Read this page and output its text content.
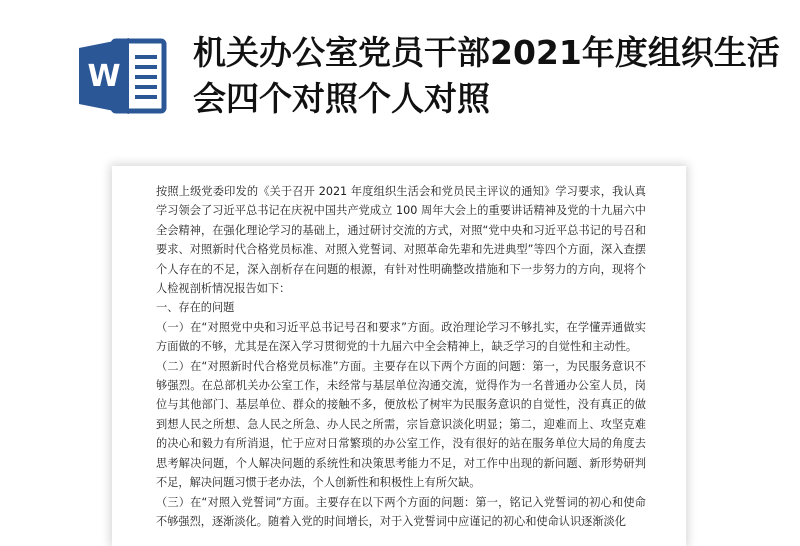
W
机关办公室党员干部2021年度组织生活会四个对照个人对照

按照上级党委印发的《关于召开 2021 年度组织生活会和党员民主评议的通知》学习要求，我认真学习领会了习近平总书记在庆祝中国共产党成立 100 周年大会上的重要讲话精神及党的十九届六中全会精神，在强化理论学习的基础上，通过研讨交流的方式，对照“党中央和习近平总书记的号召和要求、对照新时代合格党员标准、对照入党誓词、对照革命先辈和先进典型”等四个方面，深入查摆个人存在的不足，深入剖析存在问题的根源，有针对性明确整改措施和下一步努力的方向，现将个人检视剖析情况报告如下：

一、存在的问题

（一）在“对照党中央和习近平总书记号召和要求”方面。政治理论学习不够扎实，在学懂弄通做实方面做的不够，尤其是在深入学习贯彻党的十九届六中全会精神上，缺乏学习的自觉性和主动性。

（二）在“对照新时代合格党员标准”方面。主要存在以下两个方面的问题：第一，为民服务意识不够强烈。在总部机关办公室工作，未经常与基层单位沟通交流，觉得作为一名普通办公室人员，岗位与其他部门、基层单位、群众的接触不多，便放松了树牢为民服务意识的自觉性，没有真正的做到想人民之所想、急人民之所急、办人民之所需，宗旨意识淡化明显；第二，迎难而上、攻坚克难的决心和毅力有所消退，忙于应对日常繁琐的办公室工作，没有很好的站在服务单位大局的角度去思考解决问题，个人解决问题的系统性和决策思考能力不足，对工作中出现的新问题、新形势研判不足，解决问题习惯于老办法，个人创新性和积极性上有所欠缺。

（三）在“对照入党誓词”方面。主要存在以下两个方面的问题：第一，铭记入党誓词的初心和使命不够强烈，逐渐淡化。随着入党的时间增长，对于入党誓词中应谨记的初心和使命认识逐渐淡化
